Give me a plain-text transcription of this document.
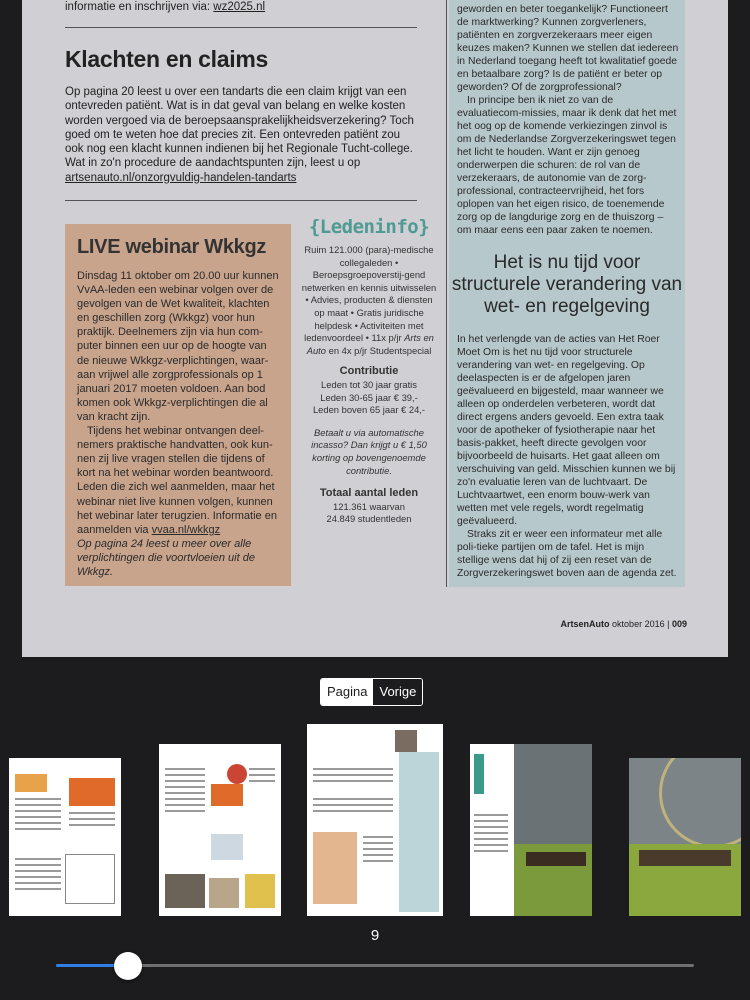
informatie en inschrijven via: wz2025.nl
Klachten en claims
Op pagina 20 leest u over een tandarts die een claim krijgt van een ontevreden patiënt. Wat is in dat geval van belang en welke kosten worden vergoed via de beroepsaansprakelijkheidsverzekering? Toch goed om te weten hoe dat precies zit. Een ontevreden patiënt zou ook nog een klacht kunnen indienen bij het Regionale Tucht-college. Wat in zo'n procedure de aandachtspunten zijn, leest u op artsenauto.nl/onzorgvuldig-handelen-tandarts
LIVE webinar Wkkgz

Dinsdag 11 oktober om 20.00 uur kunnen VvAA-leden een webinar volgen over de gevolgen van de Wet kwaliteit, klachten en geschillen zorg (Wkkgz) voor hun praktijk. Deelnemers zijn via hun com-puter binnen een uur op de hoogte van de nieuwe Wkkgz-verplichtingen, waar-aan vrijwel alle zorgprofessionals op 1 januari 2017 moeten voldoen. Aan bod komen ook Wkkgz-verplichtingen die al van kracht zijn.

Tijdens het webinar ontvangen deel-nemers praktische handvatten, ook kun-nen zij live vragen stellen die tijdens of kort na het webinar worden beantwoord. Leden die zich wel aanmelden, maar het webinar niet live kunnen volgen, kunnen het webinar later terugzien. Informatie en aanmelden via vvaa.nl/wkkgz

Op pagina 24 leest u meer over alle verplichtingen die voortvloeien uit de Wkkgz.

{Ledeninfo}
Ruim 121.000 (para)-medische collegaleden • Beroepsgroepoverstij-gend netwerken en kennis uitwisselen • Advies, producten & diensten op maat • Gratis juridische helpdesk • Activiteiten met ledenvoordeel • 11x p/jr Arts en Auto en 4x p/jr Studentspecial
Contributie
Leden tot 30 jaar gratis
Leden 30-65 jaar € 39,-
Leden boven 65 jaar € 24,-
Betaalt u via automatische incasso? Dan krijgt u € 1,50 korting op bovengenoemde contributie.
Totaal aantal leden
121.361 waarvan
24.849 studentleden

geworden en beter toegankelijk? Functioneert de marktwerking? Kunnen zorgverleners, patiënten en zorgverzekeraars meer eigen keuzes maken? Kunnen we stellen dat iedereen in Nederland toegang heeft tot kwalitatief goede en betaalbare zorg? Is de patiënt er beter op geworden? Of de zorgprofessional?

In principe ben ik niet zo van de evaluatiecom-missies, maar ik denk dat het met het oog op de komende verkiezingen zinvol is om de Nederlandse Zorgverzekeringswet tegen het licht te houden. Want er zijn genoeg onderwerpen die schuren: de rol van de verzekeraars, de autonomie van de zorg-professional, contracteervrijheid, het fors oplopen van het eigen risico, de toenemende zorg op de langdurige zorg en de thuiszorg – om maar eens een paar zaken te noemen.

Het is nu tijd voor structurele verandering van wet- en regelgeving

In het verlengde van de acties van Het Roer Moet Om is het nu tijd voor structurele verandering van wet- en regelgeving. Op deelaspecten is er de afgelopen jaren geëvalueerd en bijgesteld, maar wanneer we alleen op onderdelen verbeteren, wordt dat direct ergens anders gevoeld. Een extra taak voor de apotheker of fysiotherapie naar het basis-pakket, heeft directe gevolgen voor bijvoorbeeld de huisarts. Het gaat alleen om verschuiving van geld. Misschien kunnen we bij zo'n evaluatie leren van de luchtvaart. De Luchtvaartwet, een enorm bouw-werk van wetten met vele regels, wordt regelmatig geëvalueerd.

Straks zit er weer een informateur met alle poli-tieke partijen om de tafel. Het is mijn stellige wens dat hij of zij een reset van de Zorgverzekeringswet boven aan de agenda zet.

ArtsenAuto oktober 2016 | 009
Pagina Vorige
9
